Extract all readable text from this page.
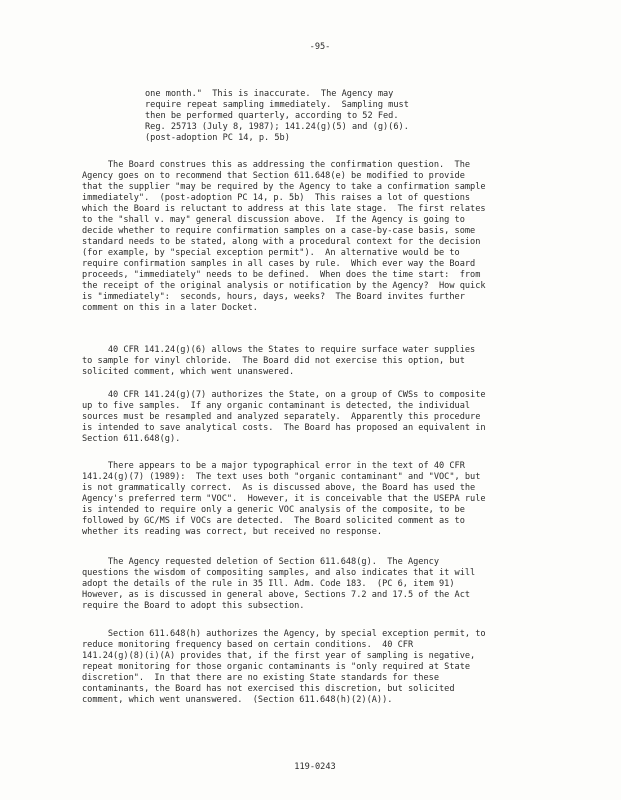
-95-
one month."  This is inaccurate.  The Agency may
require repeat sampling immediately.  Sampling must
then be performed quarterly, according to 52 Fed.
Reg. 25713 (July 8, 1987); 141.24(g)(5) and (g)(6).
(post-adoption PC 14, p. 5b)
The Board construes this as addressing the confirmation question.  The
Agency goes on to recommend that Section 611.648(e) be modified to provide
that the supplier "may be required by the Agency to take a confirmation sample
immediately".  (post-adoption PC 14, p. 5b)  This raises a lot of questions
which the Board is reluctant to address at this late stage.  The first relates
to the "shall v. may" general discussion above.  If the Agency is going to
decide whether to require confirmation samples on a case-by-case basis, some
standard needs to be stated, along with a procedural context for the decision
(for example, by "special exception permit").  An alternative would be to
require confirmation samples in all cases by rule.  Which ever way the Board
proceeds, "immediately" needs to be defined.  When does the time start:  from
the receipt of the original analysis or notification by the Agency?  How quick
is "immediately":  seconds, hours, days, weeks?  The Board invites further
comment on this in a later Docket.
40 CFR 141.24(g)(6) allows the States to require surface water supplies
to sample for vinyl chloride.  The Board did not exercise this option, but
solicited comment, which went unanswered.
40 CFR 141.24(g)(7) authorizes the State, on a group of CWSs to composite
up to five samples.  If any organic contaminant is detected, the individual
sources must be resampled and analyzed separately.  Apparently this procedure
is intended to save analytical costs.  The Board has proposed an equivalent in
Section 611.648(g).
There appears to be a major typographical error in the text of 40 CFR
141.24(g)(7) (1989):  The text uses both "organic contaminant" and "VOC", but
is not grammatically correct.  As is discussed above, the Board has used the
Agency's preferred term "VOC".  However, it is conceivable that the USEPA rule
is intended to require only a generic VOC analysis of the composite, to be
followed by GC/MS if VOCs are detected.  The Board solicited comment as to
whether its reading was correct, but received no response.
The Agency requested deletion of Section 611.648(g).  The Agency
questions the wisdom of compositing samples, and also indicates that it will
adopt the details of the rule in 35 Ill. Adm. Code 183.  (PC 6, item 91)
However, as is discussed in general above, Sections 7.2 and 17.5 of the Act
require the Board to adopt this subsection.
Section 611.648(h) authorizes the Agency, by special exception permit, to
reduce monitoring frequency based on certain conditions.  40 CFR
141.24(g)(8)(i)(A) provides that, if the first year of sampling is negative,
repeat monitoring for those organic contaminants is "only required at State
discretion".  In that there are no existing State standards for these
contaminants, the Board has not exercised this discretion, but solicited
comment, which went unanswered.  (Section 611.648(h)(2)(A)).
119-0243
